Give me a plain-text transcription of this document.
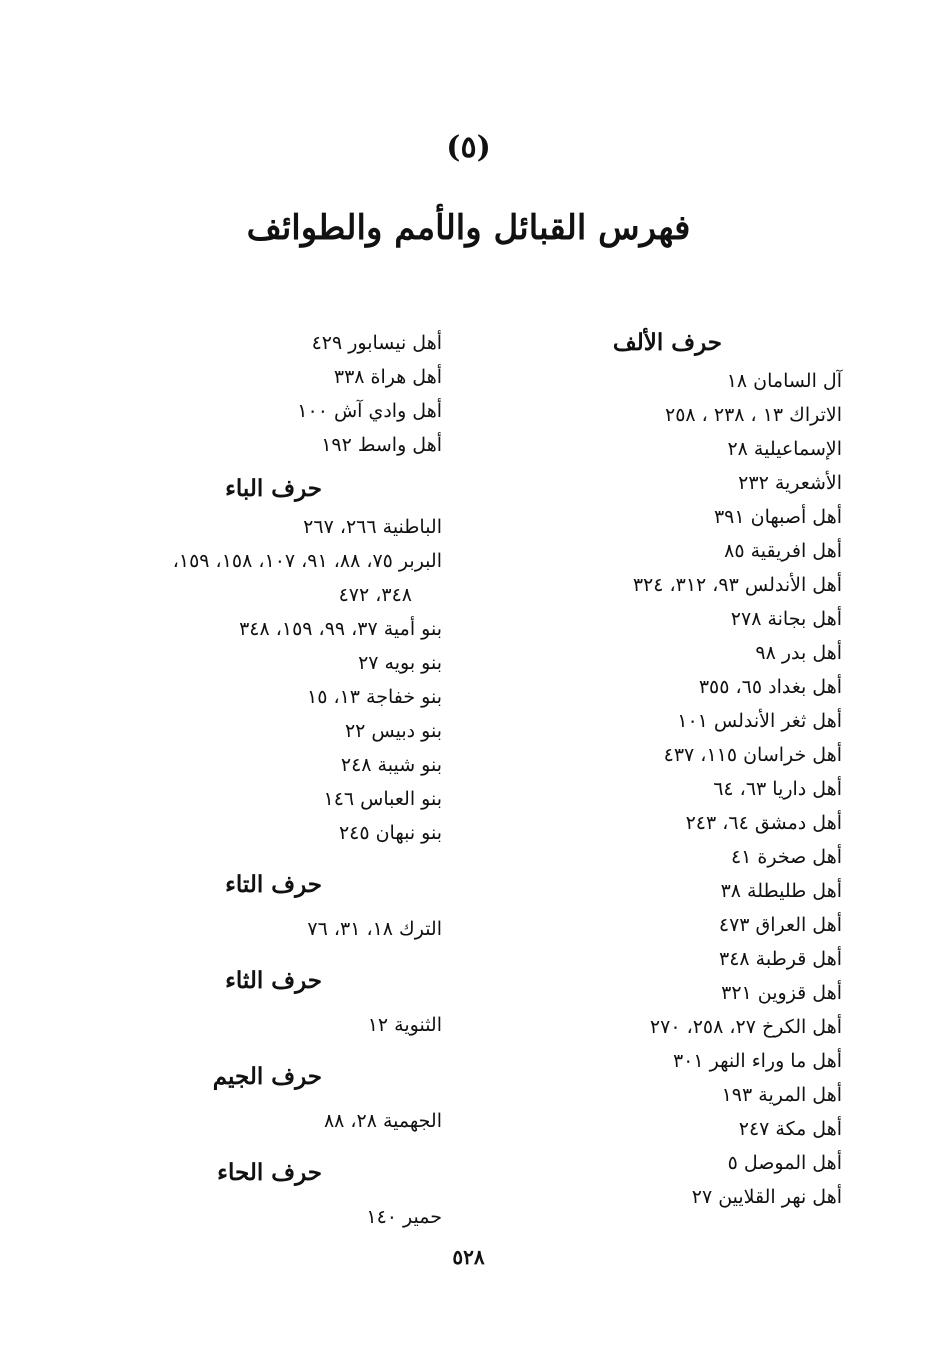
(٥)
فهرس القبائل والأمم والطوائف
حرف الألف
آل السامان ١٨
الاتراك ١٣ ، ٢٣٨ ، ٢٥٨
الإسماعيلية ٢٨
الأشعرية ٢٣٢
أهل أصبهان ٣٩١
أهل افريقية ٨٥
أهل الأندلس ٩٣، ٣١٢، ٣٢٤
أهل بجانة ٢٧٨
أهل بدر ٩٨
أهل بغداد ٦٥، ٣٥٥
أهل ثغر الأندلس ١٠١
أهل خراسان ١١٥، ٤٣٧
أهل داريا ٦٣، ٦٤
أهل دمشق ٦٤، ٢٤٣
أهل صخرة ٤١
أهل طليطلة ٣٨
أهل العراق ٤٧٣
أهل قرطبة ٣٤٨
أهل قزوين ٣٢١
أهل الكرخ ٢٧، ٢٥٨، ٢٧٠
أهل ما وراء النهر ٣٠١
أهل المرية ١٩٣
أهل مكة ٢٤٧
أهل الموصل ٥
أهل نهر القلايين ٢٧
أهل نيسابور ٤٢٩
أهل هراة ٣٣٨
أهل وادي آش ١٠٠
أهل واسط ١٩٢
حرف الباء
الباطنية ٢٦٦، ٢٦٧
البربر ٧٥، ٨٨، ٩١، ١٠٧، ١٥٨، ١٥٩،
٣٤٨، ٤٧٢
بنو أمية ٣٧، ٩٩، ١٥٩، ٣٤٨
بنو بويه ٢٧
بنو خفاجة ١٣، ١٥
بنو دبيس ٢٢
بنو شيبة ٢٤٨
بنو العباس ١٤٦
بنو نبهان ٢٤٥
حرف التاء
الترك ١٨، ٣١، ٧٦
حرف الثاء
الثنوية ١٢
حرف الجيم
الجهمية ٢٨، ٨٨
حرف الحاء
حمير ١٤٠
٥٢٨
